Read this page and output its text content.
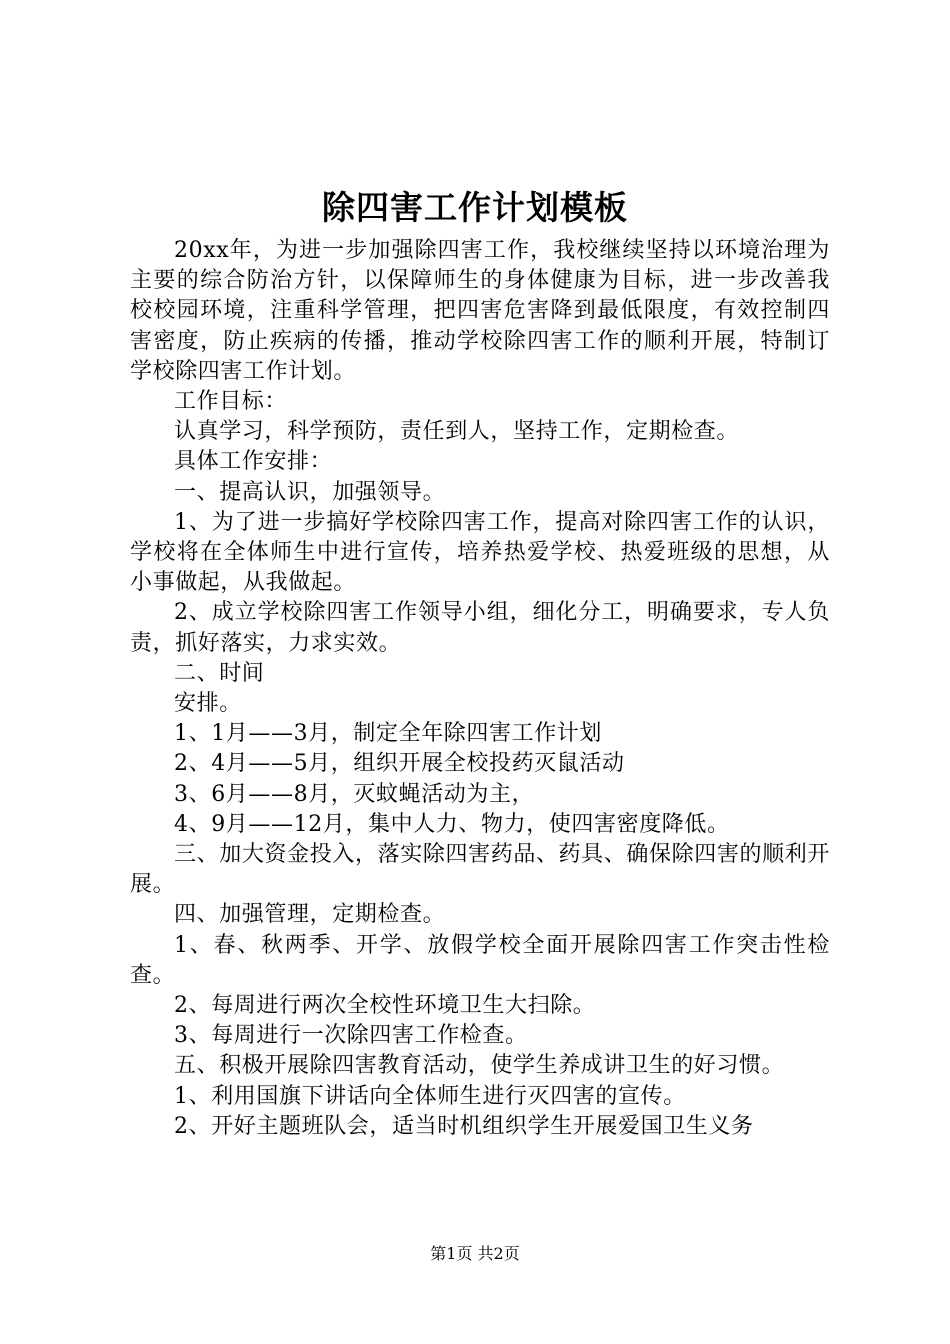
除四害工作计划模板

20xx年，为进一步加强除四害工作，我校继续坚持以环境治理为主要的综合防治方针，以保障师生的身体健康为目标，进一步改善我校校园环境，注重科学管理，把四害危害降到最低限度，有效控制四害密度，防止疾病的传播，推动学校除四害工作的顺利开展，特制订学校除四害工作计划。

工作目标：

认真学习，科学预防，责任到人，坚持工作，定期检查。

具体工作安排：

一、提高认识，加强领导。

1、为了进一步搞好学校除四害工作，提高对除四害工作的认识，学校将在全体师生中进行宣传，培养热爱学校、热爱班级的思想，从小事做起，从我做起。

2、成立学校除四害工作领导小组，细化分工，明确要求，专人负责，抓好落实，力求实效。

二、时间

安排。

1、1月——3月，制定全年除四害工作计划

2、4月——5月，组织开展全校投药灭鼠活动

3、6月——8月，灭蚊蝇活动为主，

4、9月——12月，集中人力、物力，使四害密度降低。

三、加大资金投入，落实除四害药品、药具、确保除四害的顺利开展。

四、加强管理，定期检查。

1、春、秋两季、开学、放假学校全面开展除四害工作突击性检查。

2、每周进行两次全校性环境卫生大扫除。

3、每周进行一次除四害工作检查。

五、积极开展除四害教育活动，使学生养成讲卫生的好习惯。

1、利用国旗下讲话向全体师生进行灭四害的宣传。

2、开好主题班队会，适当时机组织学生开展爱国卫生义务

第1页 共2页
